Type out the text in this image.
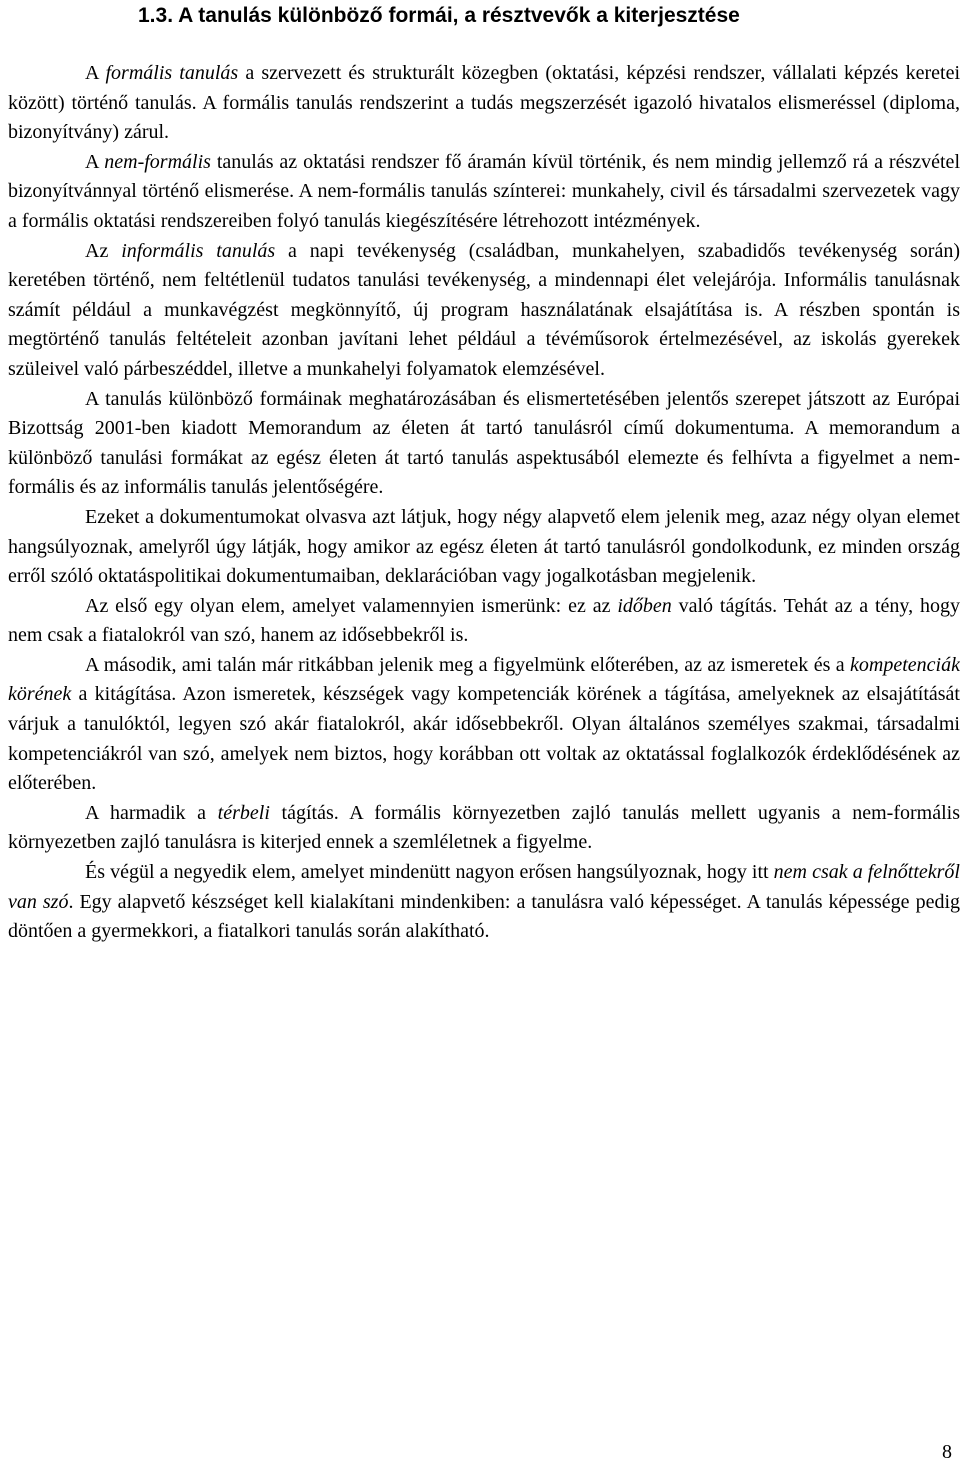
1.3. A tanulás különböző formái, a résztvevők a kiterjesztése

A formális tanulás a szervezett és strukturált közegben (oktatási, képzési rendszer, vállalati képzés keretei között) történő tanulás. A formális tanulás rendszerint a tudás megszerzését igazoló hivatalos elismeréssel (diploma, bizonyítvány) zárul.

A nem-formális tanulás az oktatási rendszer fő áramán kívül történik, és nem mindig jellemző rá a részvétel bizonyítvánnyal történő elismerése. A nem-formális tanulás színterei: munkahely, civil és társadalmi szervezetek vagy a formális oktatási rendszereiben folyó tanulás kiegészítésére létrehozott intézmények.

Az informális tanulás a napi tevékenység (családban, munkahelyen, szabadidős tevékenység során) keretében történő, nem feltétlenül tudatos tanulási tevékenység, a mindennapi élet velejárója. Informális tanulásnak számít például a munkavégzést megkönnyítő, új program használatának elsajátítása is. A részben spontán is megtörténő tanulás feltételeit azonban javítani lehet például a tévéműsorok értelmezésével, az iskolás gyerekek szüleivel való párbeszéddel, illetve a munkahelyi folyamatok elemzésével.

A tanulás különböző formáinak meghatározásában és elismertetésében jelentős szerepet játszott az Európai Bizottság 2001-ben kiadott Memorandum az életen át tartó tanulásról című dokumentuma. A memorandum a különböző tanulási formákat az egész életen át tartó tanulás aspektusából elemezte és felhívta a figyelmet a nem-formális és az informális tanulás jelentőségére.

Ezeket a dokumentumokat olvasva azt látjuk, hogy négy alapvető elem jelenik meg, azaz négy olyan elemet hangsúlyoznak, amelyről úgy látják, hogy amikor az egész életen át tartó tanulásról gondolkodunk, ez minden ország erről szóló oktatáspolitikai dokumentumaiban, deklarációban vagy jogalkotásban megjelenik.

Az első egy olyan elem, amelyet valamennyien ismerünk: ez az időben való tágítás. Tehát az a tény, hogy nem csak a fiatalokról van szó, hanem az idősebbekről is.

A második, ami talán már ritkábban jelenik meg a figyelmünk előterében, az az ismeretek és a kompetenciák körének a kitágítása. Azon ismeretek, készségek vagy kompetenciák körének a tágítása, amelyeknek az elsajátítását várjuk a tanulóktól, legyen szó akár fiatalokról, akár idősebbekről. Olyan általános személyes szakmai, társadalmi kompetenciákról van szó, amelyek nem biztos, hogy korábban ott voltak az oktatással foglalkozók érdeklődésének az előterében.

A harmadik a térbeli tágítás. A formális környezetben zajló tanulás mellett ugyanis a nem-formális környezetben zajló tanulásra is kiterjed ennek a szemléletnek a figyelme.

És végül a negyedik elem, amelyet mindenütt nagyon erősen hangsúlyoznak, hogy itt nem csak a felnőttekről van szó. Egy alapvető készséget kell kialakítani mindenkiben: a tanulásra való képességet. A tanulás képessége pedig döntően a gyermekkori, a fiatalkori tanulás során alakítható.

8
